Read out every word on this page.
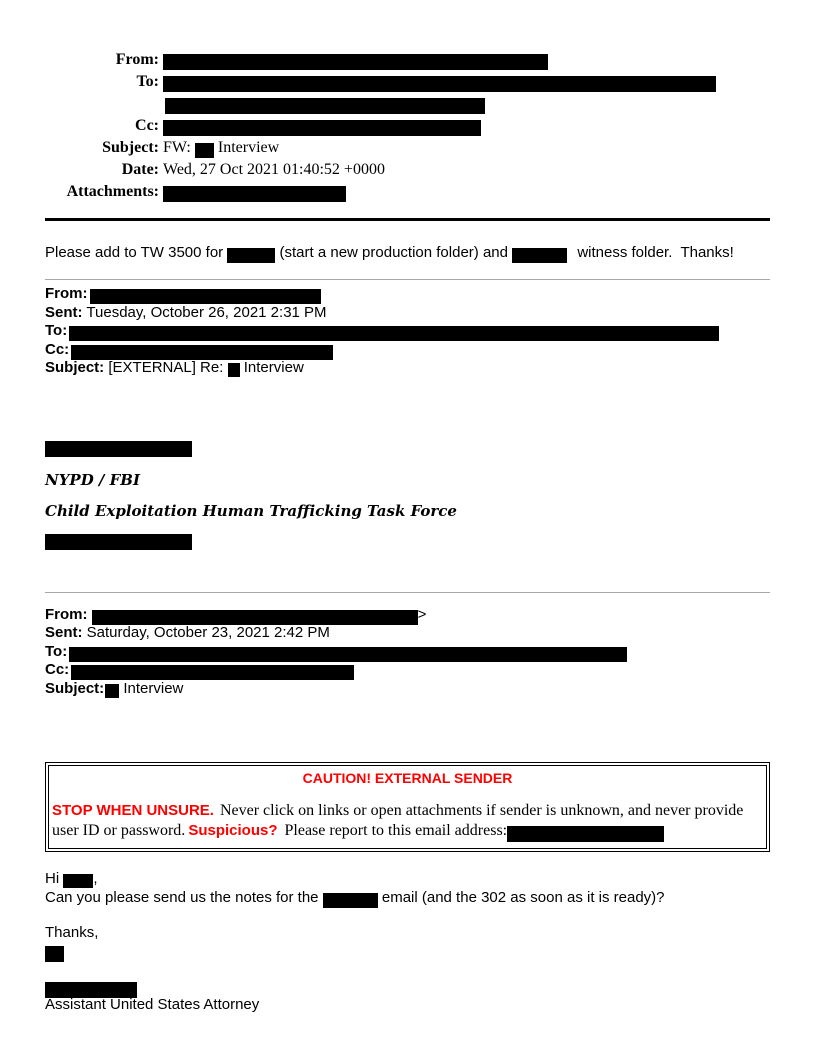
From:
To:
Cc:
Subject: FW: Interview
Date: Wed, 27 Oct 2021 01:40:52 +0000
Attachments:
Please add to TW 3500 for	(start a new production folder) and	witness folder.  Thanks!
From:
Sent: Tuesday, October 26, 2021 2:31 PM
To:
Cc:
Subject: [EXTERNAL] Re: Interview
NYPD / FBI
Child Exploitation Human Trafficking Task Force
From:	>
Sent: Saturday, October 23, 2021 2:42 PM
To:
Cc:
Subject: Interview
CAUTION! EXTERNAL SENDER
STOP WHEN UNSURE. Never click on links or open attachments if sender is unknown, and never provide user ID or password. Suspicious? Please report to this email address:
Hi ,
Can you please send us the notes for the	email (and the 302 as soon as it is ready)?
Thanks,
Assistant United States Attorney
